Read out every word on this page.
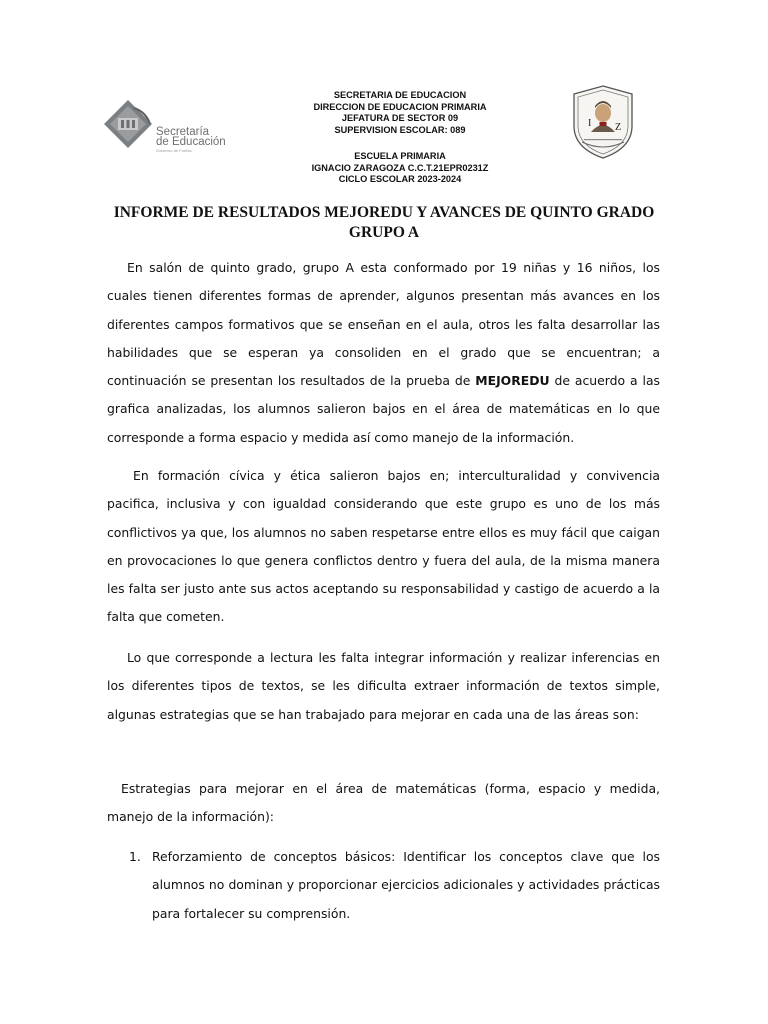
Secretaría
de Educación
Gobierno de Puebla
SECRETARIA DE EDUCACION
DIRECCION DE EDUCACION PRIMARIA
JEFATURA DE SECTOR 09
SUPERVISION ESCOLAR: 089
ESCUELA PRIMARIA
IGNACIO ZARAGOZA C.C.T.21EPR0231Z
CICLO ESCOLAR 2023-2024
I Z
INFORME DE RESULTADOS MEJOREDU Y AVANCES DE QUINTO GRADO
GRUPO A
En salón de quinto grado, grupo A esta conformado por 19 niñas y 16 niños, los cuales tienen diferentes formas de aprender, algunos presentan más avances en los diferentes campos formativos que se enseñan en el aula, otros les falta desarrollar las habilidades que se esperan ya consoliden en el grado que se encuentran; a continuación se presentan los resultados de la prueba de MEJOREDU de acuerdo a las grafica analizadas, los alumnos salieron bajos en el área de matemáticas en lo que corresponde a forma espacio y medida así como manejo de la información.
En formación cívica y ética salieron bajos en; interculturalidad y convivencia pacifica, inclusiva y con igualdad considerando que este grupo es uno de los más conflictivos ya que, los alumnos no saben respetarse entre ellos es muy fácil que caigan en provocaciones lo que genera conflictos dentro y fuera del aula, de la misma manera les falta ser justo ante sus actos aceptando su responsabilidad y castigo de acuerdo a la falta que cometen.
Lo que corresponde a lectura les falta integrar información y realizar inferencias en los diferentes tipos de textos, se les dificulta extraer información de textos simple, algunas estrategias que se han trabajado para mejorar en cada una de las áreas son:
Estrategias para mejorar en el área de matemáticas (forma, espacio y medida, manejo de la información):
1. Reforzamiento de conceptos básicos: Identificar los conceptos clave que los alumnos no dominan y proporcionar ejercicios adicionales y actividades prácticas para fortalecer su comprensión.
